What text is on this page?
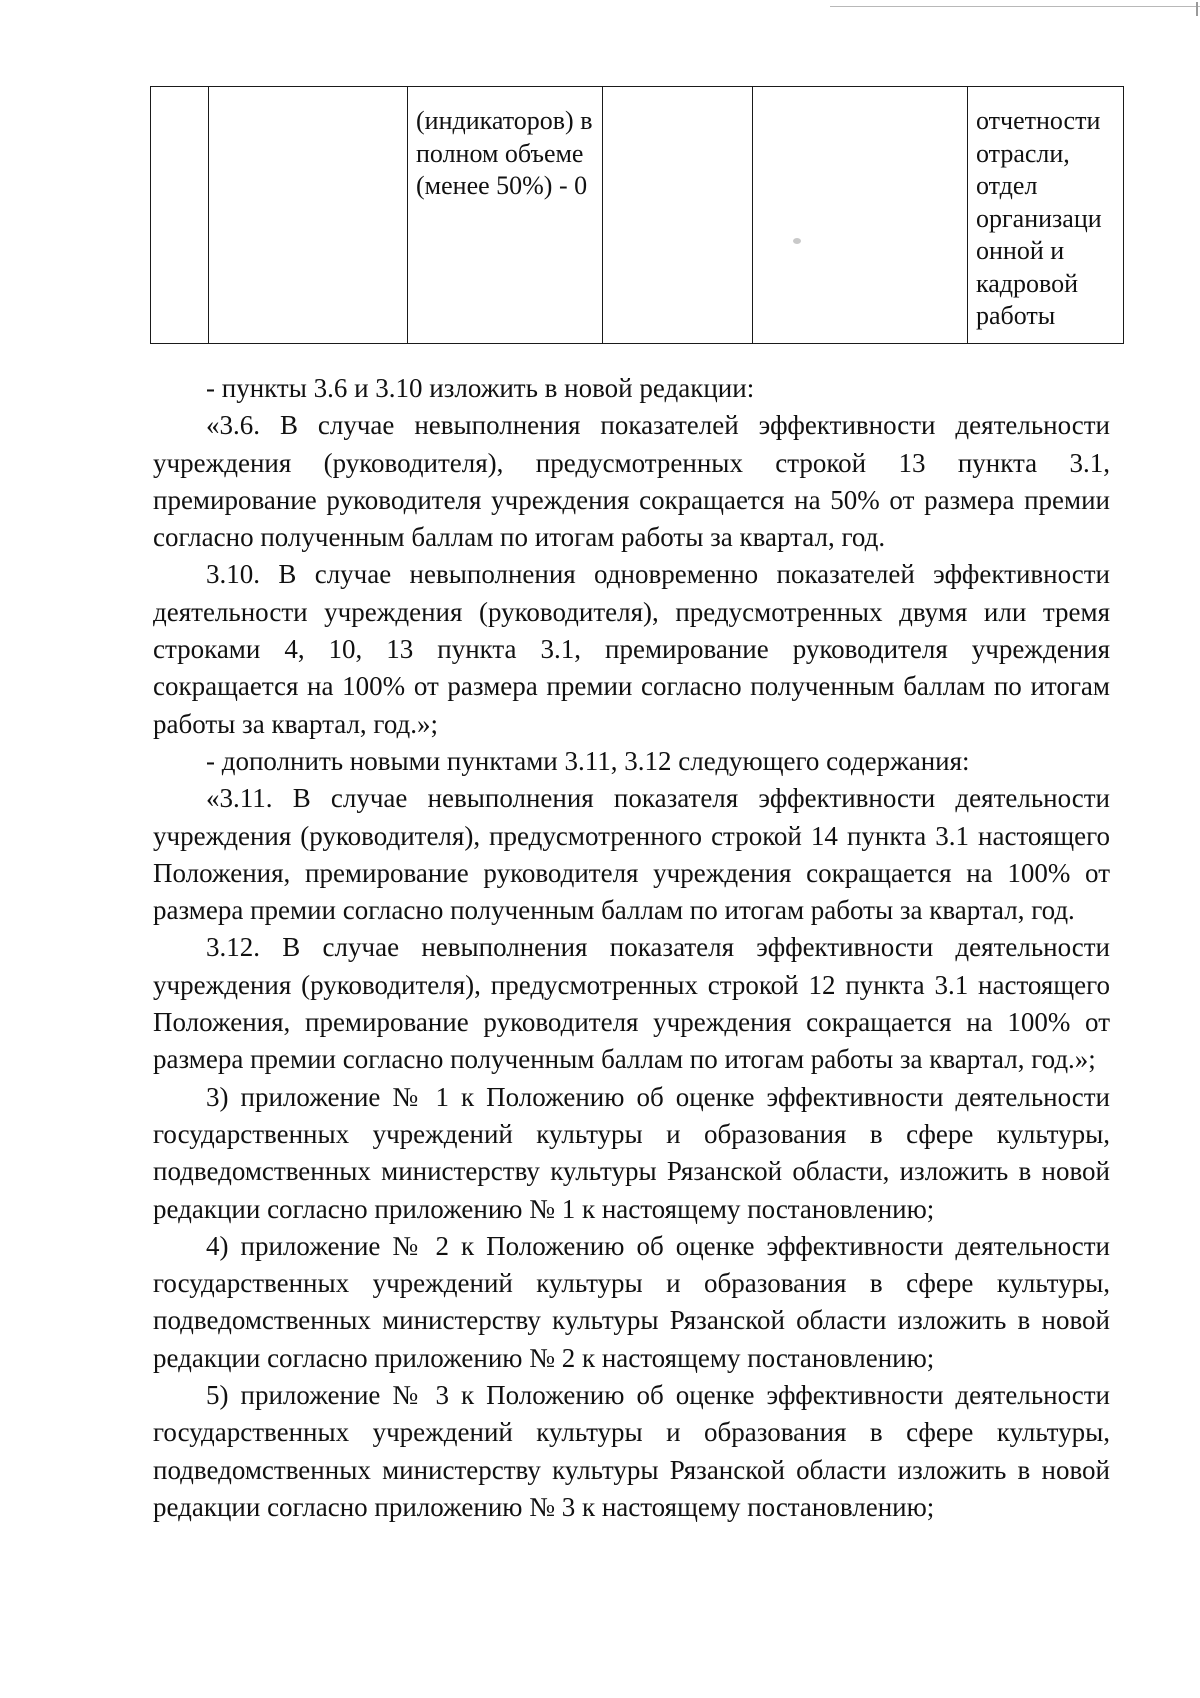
		(индикаторов) в полном объеме (менее 50%) - 0			отчетности отрасли, отдел организаци онной и кадровой работы

- пункты 3.6 и 3.10 изложить в новой редакции:

«3.6. В случае невыполнения показателей эффективности деятельности учреждения (руководителя), предусмотренных строкой 13 пункта 3.1, премирование руководителя учреждения сокращается на 50% от размера премии согласно полученным баллам по итогам работы за квартал, год.

3.10. В случае невыполнения одновременно показателей эффективности деятельности учреждения (руководителя), предусмотренных двумя или тремя строками 4, 10, 13 пункта 3.1, премирование руководителя учреждения сокращается на 100% от размера премии согласно полученным баллам по итогам работы за квартал, год.»;

- дополнить новыми пунктами 3.11, 3.12 следующего содержания:

«3.11. В случае невыполнения показателя эффективности деятельности учреждения (руководителя), предусмотренного строкой 14 пункта 3.1 настоящего Положения, премирование руководителя учреждения сокращается на 100% от размера премии согласно полученным баллам по итогам работы за квартал, год.

3.12. В случае невыполнения показателя эффективности деятельности учреждения (руководителя), предусмотренных строкой 12 пункта 3.1 настоящего Положения, премирование руководителя учреждения сокращается на 100% от размера премии согласно полученным баллам по итогам работы за квартал, год.»;

3) приложение № 1 к Положению об оценке эффективности деятельности государственных учреждений культуры и образования в сфере культуры, подведомственных министерству культуры Рязанской области, изложить в новой редакции согласно приложению № 1 к настоящему постановлению;

4) приложение № 2 к Положению об оценке эффективности деятельности государственных учреждений культуры и образования в сфере культуры, подведомственных министерству культуры Рязанской области изложить в новой редакции согласно приложению № 2 к настоящему постановлению;

5) приложение № 3 к Положению об оценке эффективности деятельности государственных учреждений культуры и образования в сфере культуры, подведомственных министерству культуры Рязанской области изложить в новой редакции согласно приложению № 3 к настоящему постановлению;
